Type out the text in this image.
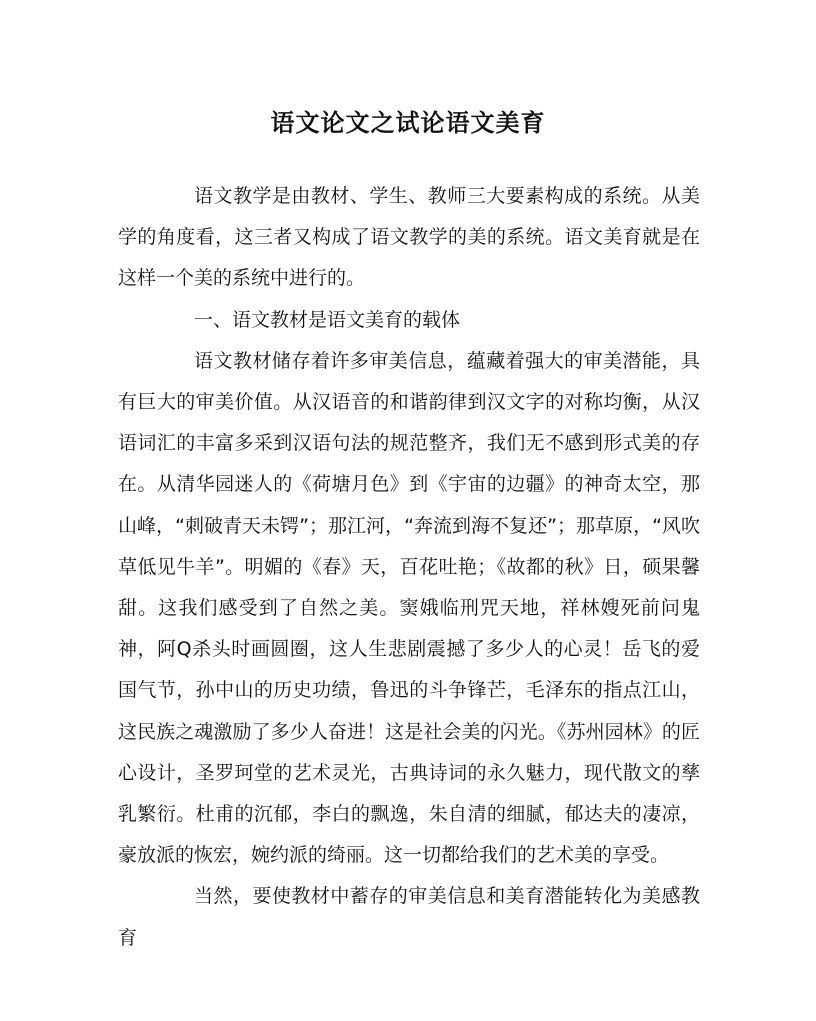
语文论文之试论语文美育

语文教学是由教材、学生、教师三大要素构成的系统。从美学的角度看，这三者又构成了语文教学的美的系统。语文美育就是在这样一个美的系统中进行的。

一、语文教材是语文美育的载体

语文教材储存着许多审美信息，蕴藏着强大的审美潜能，具有巨大的审美价值。从汉语音的和谐韵律到汉文字的对称均衡，从汉语词汇的丰富多采到汉语句法的规范整齐，我们无不感到形式美的存在。从清华园迷人的《荷塘月色》到《宇宙的边疆》的神奇太空，那山峰，“刺破青天未锷”；那江河，“奔流到海不复还”；那草原，“风吹草低见牛羊”。明媚的《春》天，百花吐艳；《故都的秋》日，硕果馨甜。这我们感受到了自然之美。窦娥临刑咒天地，祥林嫂死前问鬼神，阿Q杀头时画圆圈，这人生悲剧震撼了多少人的心灵！岳飞的爱国气节，孙中山的历史功绩，鲁迅的斗争锋芒，毛泽东的指点江山，这民族之魂激励了多少人奋进！这是社会美的闪光。《苏州园林》的匠心设计，圣罗珂堂的艺术灵光，古典诗词的永久魅力，现代散文的孳乳繁衍。杜甫的沉郁，李白的飘逸，朱自清的细腻，郁达夫的凄凉，豪放派的恢宏，婉约派的绮丽。这一切都给我们的艺术美的享受。

当然，要使教材中蓄存的审美信息和美育潜能转化为美感教育
